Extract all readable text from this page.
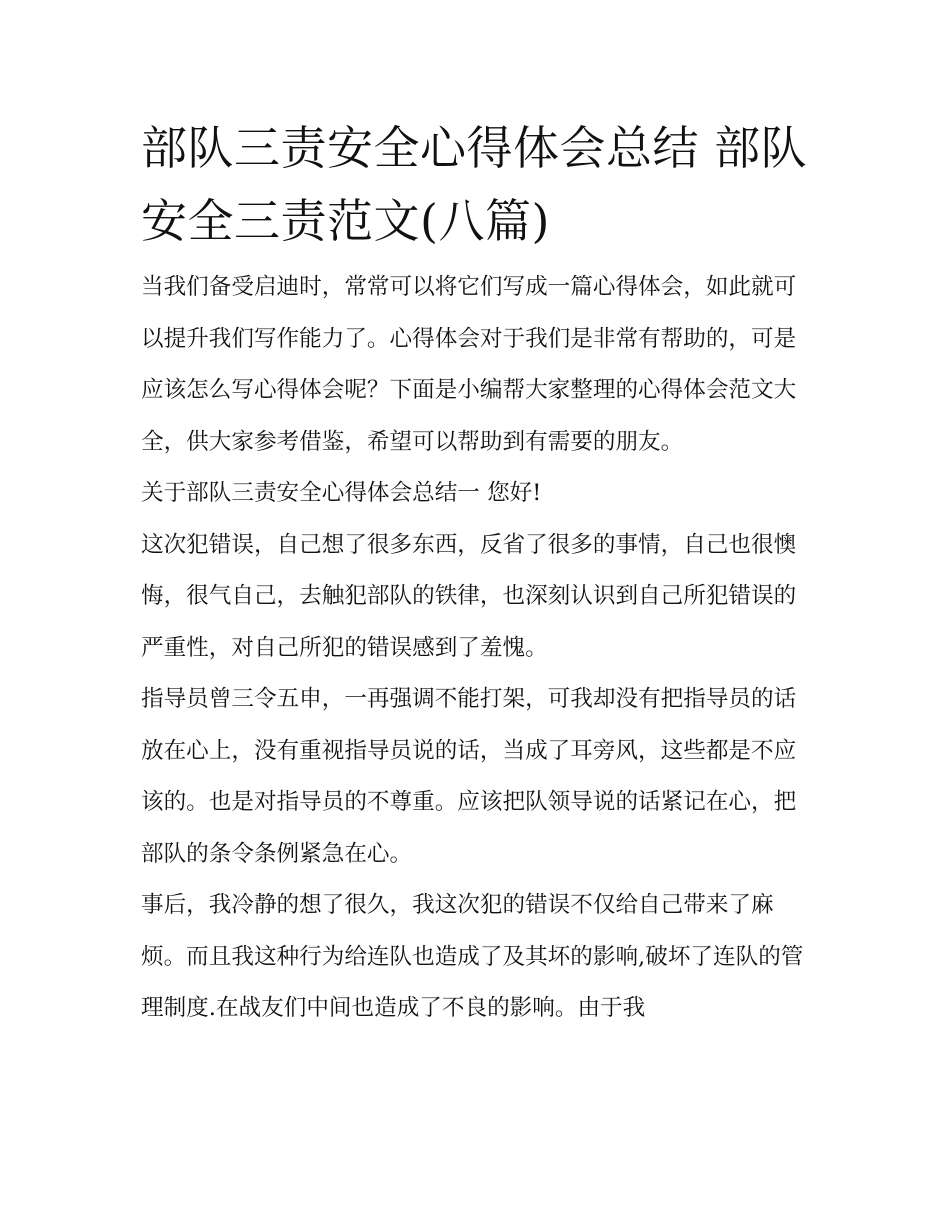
部队三责安全心得体会总结 部队安全三责范文(八篇)

当我们备受启迪时，常常可以将它们写成一篇心得体会，如此就可以提升我们写作能力了。心得体会对于我们是非常有帮助的，可是应该怎么写心得体会呢？下面是小编帮大家整理的心得体会范文大全，供大家参考借鉴，希望可以帮助到有需要的朋友。

关于部队三责安全心得体会总结一 您好!

这次犯错误，自己想了很多东西，反省了很多的事情，自己也很懊悔，很气自己，去触犯部队的铁律，也深刻认识到自己所犯错误的严重性，对自己所犯的错误感到了羞愧。

指导员曾三令五申，一再强调不能打架，可我却没有把指导员的话放在心上，没有重视指导员说的话，当成了耳旁风，这些都是不应该的。也是对指导员的不尊重。应该把队领导说的话紧记在心，把部队的条令条例紧急在心。

事后，我冷静的想了很久，我这次犯的错误不仅给自己带来了麻烦。而且我这种行为给连队也造成了及其坏的影响,破坏了连队的管理制度.在战友们中间也造成了不良的影响。由于我
